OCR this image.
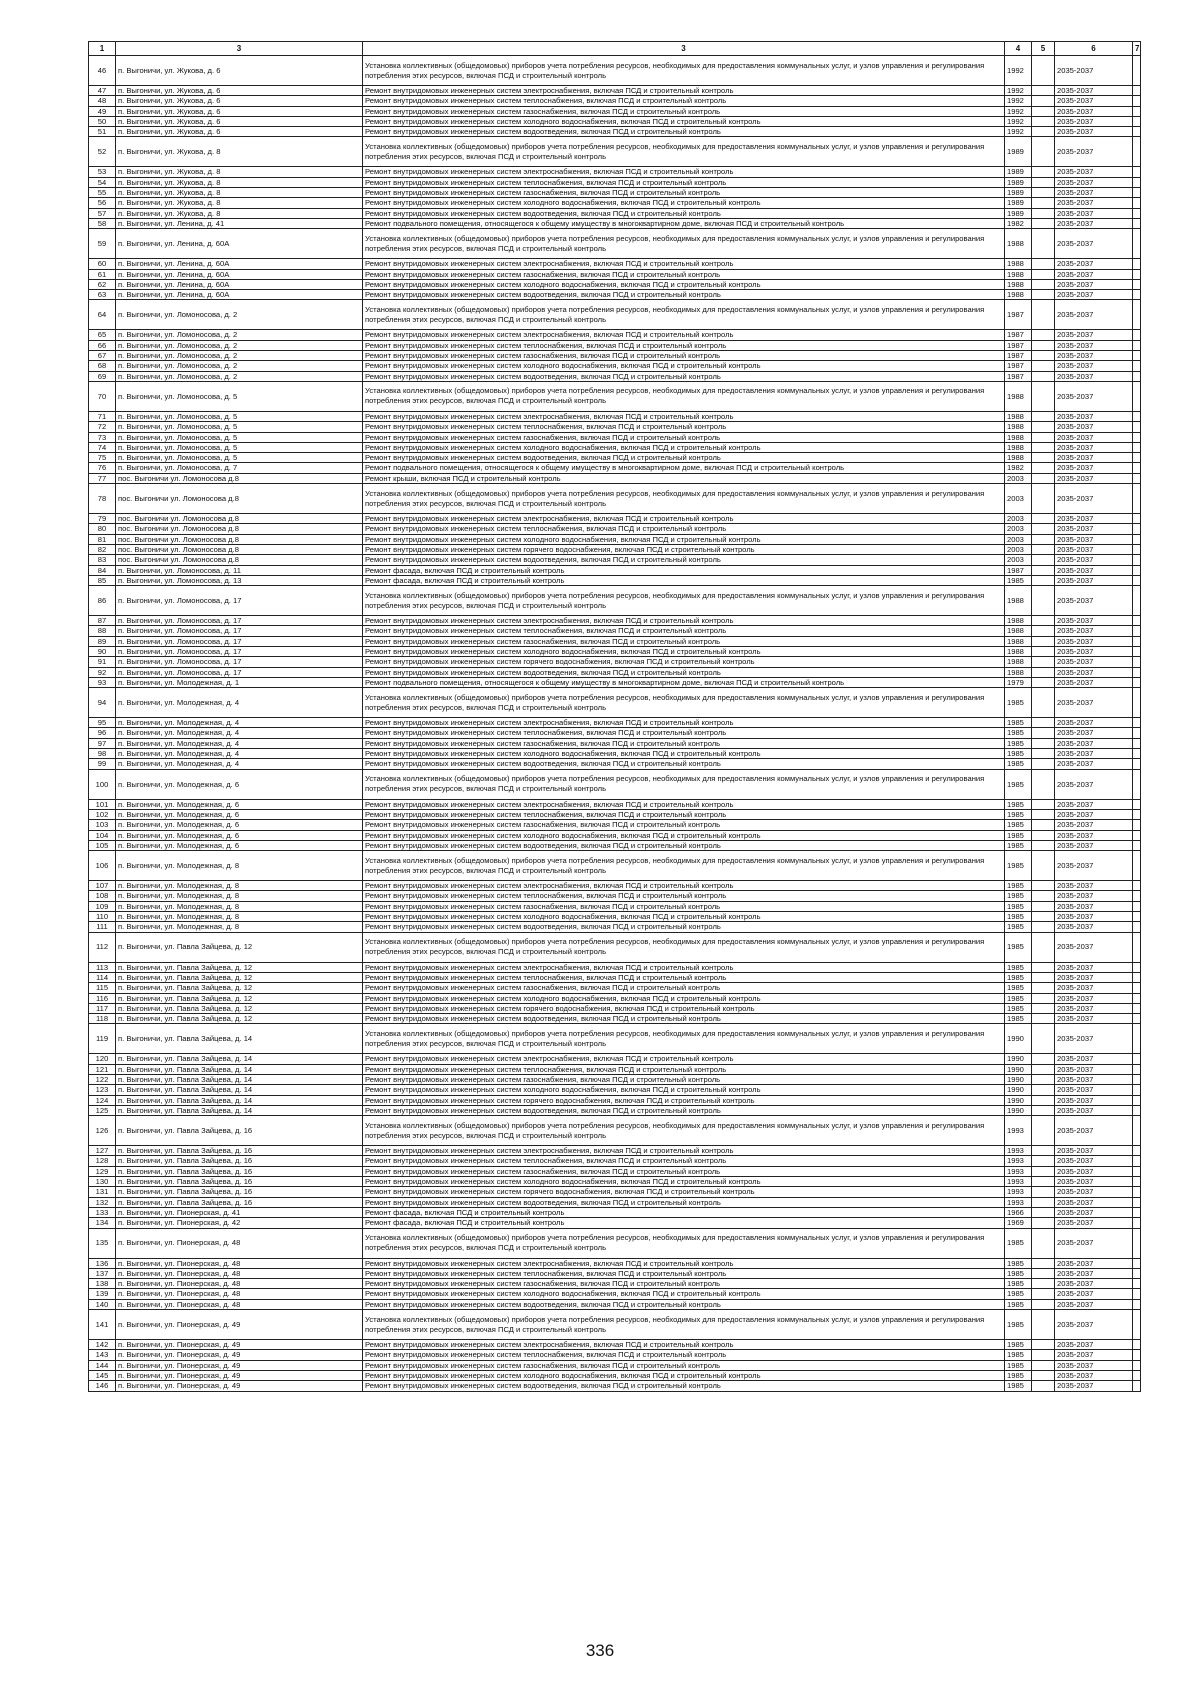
1	3	3	4	5	6	7
46	п. Выгоничи, ул. Жукова, д. 6	Установка коллективных (общедомовых) приборов учета потребления ресурсов, необходимых для предоставления коммунальных услуг, и узлов управления и регулирования потребления этих ресурсов, включая ПСД и строительный контроль	1992		2035-2037	
47	п. Выгоничи, ул. Жукова, д. 6	Ремонт внутридомовых инженерных систем электроснабжения, включая ПСД и строительный контроль	1992		2035-2037	
48	п. Выгоничи, ул. Жукова, д. 6	Ремонт внутридомовых инженерных систем теплоснабжения, включая ПСД и строительный контроль	1992		2035-2037	
49	п. Выгоничи, ул. Жукова, д. 6	Ремонт внутридомовых инженерных систем газоснабжения, включая ПСД и строительный контроль	1992		2035-2037	
50	п. Выгоничи, ул. Жукова, д. 6	Ремонт внутридомовых инженерных систем холодного водоснабжения, включая ПСД и строительный контроль	1992		2035-2037	
51	п. Выгоничи, ул. Жукова, д. 6	Ремонт внутридомовых инженерных систем водоотведения, включая ПСД и строительный контроль	1992		2035-2037	
52	п. Выгоничи, ул. Жукова, д. 8	Установка коллективных (общедомовых) приборов учета потребления ресурсов, необходимых для предоставления коммунальных услуг, и узлов управления и регулирования потребления этих ресурсов, включая ПСД и строительный контроль	1989		2035-2037	
53	п. Выгоничи, ул. Жукова, д. 8	Ремонт внутридомовых инженерных систем электроснабжения, включая ПСД и строительный контроль	1989		2035-2037	
54	п. Выгоничи, ул. Жукова, д. 8	Ремонт внутридомовых инженерных систем теплоснабжения, включая ПСД и строительный контроль	1989		2035-2037	
55	п. Выгоничи, ул. Жукова, д. 8	Ремонт внутридомовых инженерных систем газоснабжения, включая ПСД и строительный контроль	1989		2035-2037	
56	п. Выгоничи, ул. Жукова, д. 8	Ремонт внутридомовых инженерных систем холодного водоснабжения, включая ПСД и строительный контроль	1989		2035-2037	
57	п. Выгоничи, ул. Жукова, д. 8	Ремонт внутридомовых инженерных систем водоотведения, включая ПСД и строительный контроль	1989		2035-2037	
58	п. Выгоничи, ул. Ленина, д. 41	Ремонт подвального помещения, относящегося к общему имуществу в многоквартирном доме, включая ПСД и строительный контроль	1982		2035-2037	
59	п. Выгоничи, ул. Ленина, д. 60А	Установка коллективных (общедомовых) приборов учета потребления ресурсов, необходимых для предоставления коммунальных услуг, и узлов управления и регулирования потребления этих ресурсов, включая ПСД и строительный контроль	1988		2035-2037	
60	п. Выгоничи, ул. Ленина, д. 60А	Ремонт внутридомовых инженерных систем электроснабжения, включая ПСД и строительный контроль	1988		2035-2037	
61	п. Выгоничи, ул. Ленина, д. 60А	Ремонт внутридомовых инженерных систем газоснабжения, включая ПСД и строительный контроль	1988		2035-2037	
62	п. Выгоничи, ул. Ленина, д. 60А	Ремонт внутридомовых инженерных систем холодного водоснабжения, включая ПСД и строительный контроль	1988		2035-2037	
63	п. Выгоничи, ул. Ленина, д. 60А	Ремонт внутридомовых инженерных систем водоотведения, включая ПСД и строительный контроль	1988		2035-2037	
64	п. Выгоничи, ул. Ломоносова, д. 2	Установка коллективных (общедомовых) приборов учета потребления ресурсов, необходимых для предоставления коммунальных услуг, и узлов управления и регулирования потребления этих ресурсов, включая ПСД и строительный контроль	1987		2035-2037	
65	п. Выгоничи, ул. Ломоносова, д. 2	Ремонт внутридомовых инженерных систем электроснабжения, включая ПСД и строительный контроль	1987		2035-2037	
66	п. Выгоничи, ул. Ломоносова, д. 2	Ремонт внутридомовых инженерных систем теплоснабжения, включая ПСД и строительный контроль	1987		2035-2037	
67	п. Выгоничи, ул. Ломоносова, д. 2	Ремонт внутридомовых инженерных систем газоснабжения, включая ПСД и строительный контроль	1987		2035-2037	
68	п. Выгоничи, ул. Ломоносова, д. 2	Ремонт внутридомовых инженерных систем холодного водоснабжения, включая ПСД и строительный контроль	1987		2035-2037	
69	п. Выгоничи, ул. Ломоносова, д. 2	Ремонт внутридомовых инженерных систем водоотведения, включая ПСД и строительный контроль	1987		2035-2037	
70	п. Выгоничи, ул. Ломоносова, д. 5	Установка коллективных (общедомовых) приборов учета потребления ресурсов, необходимых для предоставления коммунальных услуг, и узлов управления и регулирования потребления этих ресурсов, включая ПСД и строительный контроль	1988		2035-2037	
71	п. Выгоничи, ул. Ломоносова, д. 5	Ремонт внутридомовых инженерных систем электроснабжения, включая ПСД и строительный контроль	1988		2035-2037	
72	п. Выгоничи, ул. Ломоносова, д. 5	Ремонт внутридомовых инженерных систем теплоснабжения, включая ПСД и строительный контроль	1988		2035-2037	
73	п. Выгоничи, ул. Ломоносова, д. 5	Ремонт внутридомовых инженерных систем газоснабжения, включая ПСД и строительный контроль	1988		2035-2037	
74	п. Выгоничи, ул. Ломоносова, д. 5	Ремонт внутридомовых инженерных систем холодного водоснабжения, включая ПСД и строительный контроль	1988		2035-2037	
75	п. Выгоничи, ул. Ломоносова, д. 5	Ремонт внутридомовых инженерных систем водоотведения, включая ПСД и строительный контроль	1988		2035-2037	
76	п. Выгоничи, ул. Ломоносова, д. 7	Ремонт подвального помещения, относящегося к общему имуществу в многоквартирном доме, включая ПСД и строительный контроль	1982		2035-2037	
77	пос. Выгоничи ул. Ломоносова д.8	Ремонт крыши, включая ПСД и строительный контроль	2003		2035-2037	
78	пос. Выгоничи ул. Ломоносова д.8	Установка коллективных (общедомовых) приборов учета потребления ресурсов, необходимых для предоставления коммунальных услуг, и узлов управления и регулирования потребления этих ресурсов, включая ПСД и строительный контроль	2003		2035-2037	
79	пос. Выгоничи ул. Ломоносова д.8	Ремонт внутридомовых инженерных систем электроснабжения, включая ПСД и строительный контроль	2003		2035-2037	
80	пос. Выгоничи ул. Ломоносова д.8	Ремонт внутридомовых инженерных систем теплоснабжения, включая ПСД и строительный контроль	2003		2035-2037	
81	пос. Выгоничи ул. Ломоносова д.8	Ремонт внутридомовых инженерных систем холодного водоснабжения, включая ПСД и строительный контроль	2003		2035-2037	
82	пос. Выгоничи ул. Ломоносова д.8	Ремонт внутридомовых инженерных систем горячего водоснабжения, включая ПСД и строительный контроль	2003		2035-2037	
83	пос. Выгоничи ул. Ломоносова д.8	Ремонт внутридомовых инженерных систем водоотведения, включая ПСД и строительный контроль	2003		2035-2037	
84	п. Выгоничи, ул. Ломоносова, д. 11	Ремонт фасада, включая ПСД и строительный контроль	1987		2035-2037	
85	п. Выгоничи, ул. Ломоносова, д. 13	Ремонт фасада, включая ПСД и строительный контроль	1985		2035-2037	
86	п. Выгоничи, ул. Ломоносова, д. 17	Установка коллективных (общедомовых) приборов учета потребления ресурсов, необходимых для предоставления коммунальных услуг, и узлов управления и регулирования потребления этих ресурсов, включая ПСД и строительный контроль	1988		2035-2037	
87	п. Выгоничи, ул. Ломоносова, д. 17	Ремонт внутридомовых инженерных систем электроснабжения, включая ПСД и строительный контроль	1988		2035-2037	
88	п. Выгоничи, ул. Ломоносова, д. 17	Ремонт внутридомовых инженерных систем теплоснабжения, включая ПСД и строительный контроль	1988		2035-2037	
89	п. Выгоничи, ул. Ломоносова, д. 17	Ремонт внутридомовых инженерных систем газоснабжения, включая ПСД и строительный контроль	1988		2035-2037	
90	п. Выгоничи, ул. Ломоносова, д. 17	Ремонт внутридомовых инженерных систем холодного водоснабжения, включая ПСД и строительный контроль	1988		2035-2037	
91	п. Выгоничи, ул. Ломоносова, д. 17	Ремонт внутридомовых инженерных систем горячего водоснабжения, включая ПСД и строительный контроль	1988		2035-2037	
92	п. Выгоничи, ул. Ломоносова, д. 17	Ремонт внутридомовых инженерных систем водоотведения, включая ПСД и строительный контроль	1988		2035-2037	
93	п. Выгоничи, ул. Молодежная, д. 1	Ремонт подвального помещения, относящегося к общему имуществу в многоквартирном доме, включая ПСД и строительный контроль	1979		2035-2037	
94	п. Выгоничи, ул. Молодежная, д. 4	Установка коллективных (общедомовых) приборов учета потребления ресурсов, необходимых для предоставления коммунальных услуг, и узлов управления и регулирования потребления этих ресурсов, включая ПСД и строительный контроль	1985		2035-2037	
95	п. Выгоничи, ул. Молодежная, д. 4	Ремонт внутридомовых инженерных систем электроснабжения, включая ПСД и строительный контроль	1985		2035-2037	
96	п. Выгоничи, ул. Молодежная, д. 4	Ремонт внутридомовых инженерных систем теплоснабжения, включая ПСД и строительный контроль	1985		2035-2037	
97	п. Выгоничи, ул. Молодежная, д. 4	Ремонт внутридомовых инженерных систем газоснабжения, включая ПСД и строительный контроль	1985		2035-2037	
98	п. Выгоничи, ул. Молодежная, д. 4	Ремонт внутридомовых инженерных систем холодного водоснабжения, включая ПСД и строительный контроль	1985		2035-2037	
99	п. Выгоничи, ул. Молодежная, д. 4	Ремонт внутридомовых инженерных систем водоотведения, включая ПСД и строительный контроль	1985		2035-2037	
100	п. Выгоничи, ул. Молодежная, д. 6	Установка коллективных (общедомовых) приборов учета потребления ресурсов, необходимых для предоставления коммунальных услуг, и узлов управления и регулирования потребления этих ресурсов, включая ПСД и строительный контроль	1985		2035-2037	
101	п. Выгоничи, ул. Молодежная, д. 6	Ремонт внутридомовых инженерных систем электроснабжения, включая ПСД и строительный контроль	1985		2035-2037	
102	п. Выгоничи, ул. Молодежная, д. 6	Ремонт внутридомовых инженерных систем теплоснабжения, включая ПСД и строительный контроль	1985		2035-2037	
103	п. Выгоничи, ул. Молодежная, д. 6	Ремонт внутридомовых инженерных систем газоснабжения, включая ПСД и строительный контроль	1985		2035-2037	
104	п. Выгоничи, ул. Молодежная, д. 6	Ремонт внутридомовых инженерных систем холодного водоснабжения, включая ПСД и строительный контроль	1985		2035-2037	
105	п. Выгоничи, ул. Молодежная, д. 6	Ремонт внутридомовых инженерных систем водоотведения, включая ПСД и строительный контроль	1985		2035-2037	
106	п. Выгоничи, ул. Молодежная, д. 8	Установка коллективных (общедомовых) приборов учета потребления ресурсов, необходимых для предоставления коммунальных услуг, и узлов управления и регулирования потребления этих ресурсов, включая ПСД и строительный контроль	1985		2035-2037	
107	п. Выгоничи, ул. Молодежная, д. 8	Ремонт внутридомовых инженерных систем электроснабжения, включая ПСД и строительный контроль	1985		2035-2037	
108	п. Выгоничи, ул. Молодежная, д. 8	Ремонт внутридомовых инженерных систем теплоснабжения, включая ПСД и строительный контроль	1985		2035-2037	
109	п. Выгоничи, ул. Молодежная, д. 8	Ремонт внутридомовых инженерных систем газоснабжения, включая ПСД и строительный контроль	1985		2035-2037	
110	п. Выгоничи, ул. Молодежная, д. 8	Ремонт внутридомовых инженерных систем холодного водоснабжения, включая ПСД и строительный контроль	1985		2035-2037	
111	п. Выгоничи, ул. Молодежная, д. 8	Ремонт внутридомовых инженерных систем водоотведения, включая ПСД и строительный контроль	1985		2035-2037	
112	п. Выгоничи, ул. Павла Зайцева, д. 12	Установка коллективных (общедомовых) приборов учета потребления ресурсов, необходимых для предоставления коммунальных услуг, и узлов управления и регулирования потребления этих ресурсов, включая ПСД и строительный контроль	1985		2035-2037	
113	п. Выгоничи, ул. Павла Зайцева, д. 12	Ремонт внутридомовых инженерных систем электроснабжения, включая ПСД и строительный контроль	1985		2035-2037	
114	п. Выгоничи, ул. Павла Зайцева, д. 12	Ремонт внутридомовых инженерных систем теплоснабжения, включая ПСД и строительный контроль	1985		2035-2037	
115	п. Выгоничи, ул. Павла Зайцева, д. 12	Ремонт внутридомовых инженерных систем газоснабжения, включая ПСД и строительный контроль	1985		2035-2037	
116	п. Выгоничи, ул. Павла Зайцева, д. 12	Ремонт внутридомовых инженерных систем холодного водоснабжения, включая ПСД и строительный контроль	1985		2035-2037	
117	п. Выгоничи, ул. Павла Зайцева, д. 12	Ремонт внутридомовых инженерных систем горячего водоснабжения, включая ПСД и строительный контроль	1985		2035-2037	
118	п. Выгоничи, ул. Павла Зайцева, д. 12	Ремонт внутридомовых инженерных систем водоотведения, включая ПСД и строительный контроль	1985		2035-2037	
119	п. Выгоничи, ул. Павла Зайцева, д. 14	Установка коллективных (общедомовых) приборов учета потребления ресурсов, необходимых для предоставления коммунальных услуг, и узлов управления и регулирования потребления этих ресурсов, включая ПСД и строительный контроль	1990		2035-2037	
120	п. Выгоничи, ул. Павла Зайцева, д. 14	Ремонт внутридомовых инженерных систем электроснабжения, включая ПСД и строительный контроль	1990		2035-2037	
121	п. Выгоничи, ул. Павла Зайцева, д. 14	Ремонт внутридомовых инженерных систем теплоснабжения, включая ПСД и строительный контроль	1990		2035-2037	
122	п. Выгоничи, ул. Павла Зайцева, д. 14	Ремонт внутридомовых инженерных систем газоснабжения, включая ПСД и строительный контроль	1990		2035-2037	
123	п. Выгоничи, ул. Павла Зайцева, д. 14	Ремонт внутридомовых инженерных систем холодного водоснабжения, включая ПСД и строительный контроль	1990		2035-2037	
124	п. Выгоничи, ул. Павла Зайцева, д. 14	Ремонт внутридомовых инженерных систем горячего водоснабжения, включая ПСД и строительный контроль	1990		2035-2037	
125	п. Выгоничи, ул. Павла Зайцева, д. 14	Ремонт внутридомовых инженерных систем водоотведения, включая ПСД и строительный контроль	1990		2035-2037	
126	п. Выгоничи, ул. Павла Зайцева, д. 16	Установка коллективных (общедомовых) приборов учета потребления ресурсов, необходимых для предоставления коммунальных услуг, и узлов управления и регулирования потребления этих ресурсов, включая ПСД и строительный контроль	1993		2035-2037	
127	п. Выгоничи, ул. Павла Зайцева, д. 16	Ремонт внутридомовых инженерных систем электроснабжения, включая ПСД и строительный контроль	1993		2035-2037	
128	п. Выгоничи, ул. Павла Зайцева, д. 16	Ремонт внутридомовых инженерных систем теплоснабжения, включая ПСД и строительный контроль	1993		2035-2037	
129	п. Выгоничи, ул. Павла Зайцева, д. 16	Ремонт внутридомовых инженерных систем газоснабжения, включая ПСД и строительный контроль	1993		2035-2037	
130	п. Выгоничи, ул. Павла Зайцева, д. 16	Ремонт внутридомовых инженерных систем холодного водоснабжения, включая ПСД и строительный контроль	1993		2035-2037	
131	п. Выгоничи, ул. Павла Зайцева, д. 16	Ремонт внутридомовых инженерных систем горячего водоснабжения, включая ПСД и строительный контроль	1993		2035-2037	
132	п. Выгоничи, ул. Павла Зайцева, д. 16	Ремонт внутридомовых инженерных систем водоотведения, включая ПСД и строительный контроль	1993		2035-2037	
133	п. Выгоничи, ул. Пионерская, д. 41	Ремонт фасада, включая ПСД и строительный контроль	1966		2035-2037	
134	п. Выгоничи, ул. Пионерская, д. 42	Ремонт фасада, включая ПСД и строительный контроль	1969		2035-2037	
135	п. Выгоничи, ул. Пионерская, д. 48	Установка коллективных (общедомовых) приборов учета потребления ресурсов, необходимых для предоставления коммунальных услуг, и узлов управления и регулирования потребления этих ресурсов, включая ПСД и строительный контроль	1985		2035-2037	
136	п. Выгоничи, ул. Пионерская, д. 48	Ремонт внутридомовых инженерных систем электроснабжения, включая ПСД и строительный контроль	1985		2035-2037	
137	п. Выгоничи, ул. Пионерская, д. 48	Ремонт внутридомовых инженерных систем теплоснабжения, включая ПСД и строительный контроль	1985		2035-2037	
138	п. Выгоничи, ул. Пионерская, д. 48	Ремонт внутридомовых инженерных систем газоснабжения, включая ПСД и строительный контроль	1985		2035-2037	
139	п. Выгоничи, ул. Пионерская, д. 48	Ремонт внутридомовых инженерных систем холодного водоснабжения, включая ПСД и строительный контроль	1985		2035-2037	
140	п. Выгоничи, ул. Пионерская, д. 48	Ремонт внутридомовых инженерных систем водоотведения, включая ПСД и строительный контроль	1985		2035-2037	
141	п. Выгоничи, ул. Пионерская, д. 49	Установка коллективных (общедомовых) приборов учета потребления ресурсов, необходимых для предоставления коммунальных услуг, и узлов управления и регулирования потребления этих ресурсов, включая ПСД и строительный контроль	1985		2035-2037	
142	п. Выгоничи, ул. Пионерская, д. 49	Ремонт внутридомовых инженерных систем электроснабжения, включая ПСД и строительный контроль	1985		2035-2037	
143	п. Выгоничи, ул. Пионерская, д. 49	Ремонт внутридомовых инженерных систем теплоснабжения, включая ПСД и строительный контроль	1985		2035-2037	
144	п. Выгоничи, ул. Пионерская, д. 49	Ремонт внутридомовых инженерных систем газоснабжения, включая ПСД и строительный контроль	1985		2035-2037	
145	п. Выгоничи, ул. Пионерская, д. 49	Ремонт внутридомовых инженерных систем холодного водоснабжения, включая ПСД и строительный контроль	1985		2035-2037	
146	п. Выгоничи, ул. Пионерская, д. 49	Ремонт внутридомовых инженерных систем водоотведения, включая ПСД и строительный контроль	1985		2035-2037	
336
